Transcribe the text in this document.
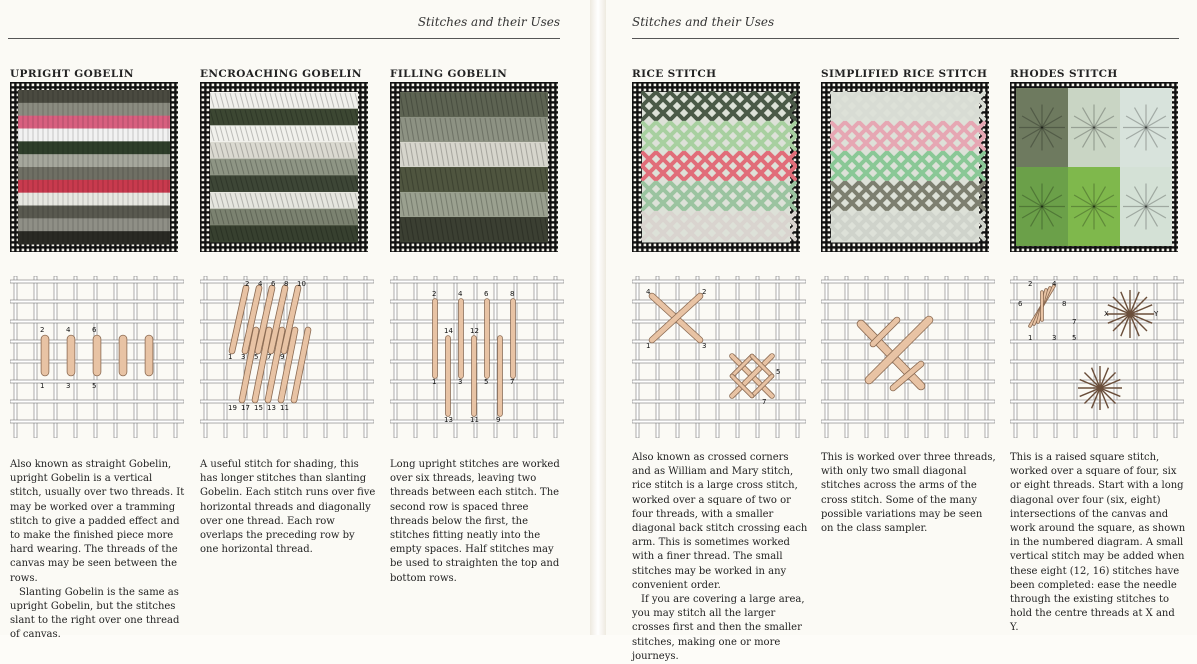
Stitches and their Uses
UPRIGHT GOBELIN
2	4	6
1	3	5

Also known as straight Gobelin, upright Gobelin is a vertical stitch, usually over two threads. It may be worked over a tramming stitch to give a padded effect and to make the finished piece more hard wearing. The threads of the canvas may be seen between the rows.

Slanting Gobelin is the same as upright Gobelin, but the stitches slant to the right over one thread of canvas.

ENCROACHING GOBELIN
2 4 6 8 10
1 3 5 7 9
19 17 15 13 11

A useful stitch for shading, this has longer stitches than slanting Gobelin. Each stitch runs over five horizontal threads and diagonally over one thread. Each row overlaps the preceding row by one horizontal thread.

FILLING GOBELIN
2	4	6	8
14 12
1	3	5	7
13 11 9

Long upright stitches are worked over six threads, leaving two threads between each stitch. The second row is spaced three threads below the first, the stitches fitting neatly into the empty spaces. Half stitches may be used to straighten the top and bottom rows.

Stitches and their Uses
RICE STITCH
4	2
1	3
5
7

Also known as crossed corners and as William and Mary stitch, rice stitch is a large cross stitch, worked over a square of two or four threads, with a smaller diagonal back stitch crossing each arm. This is sometimes worked with a finer thread. The small stitches may be worked in any convenient order.

If you are covering a large area, you may stitch all the larger crosses first and then the smaller stitches, making one or more journeys.

SIMPLIFIED RICE STITCH

This is worked over three threads, with only two small diagonal stitches across the arms of the cross stitch. Some of the many possible variations may be seen on the class sampler.

RHODES STITCH
2	4
6	8
1	3 5
7
X	Y

This is a raised square stitch, worked over a square of four, six or eight threads. Start with a long diagonal over four (six, eight) intersections of the canvas and work around the square, as shown in the numbered diagram. A small vertical stitch may be added when these eight (12, 16) stitches have been completed: ease the needle through the existing stitches to hold the centre threads at X and Y.
